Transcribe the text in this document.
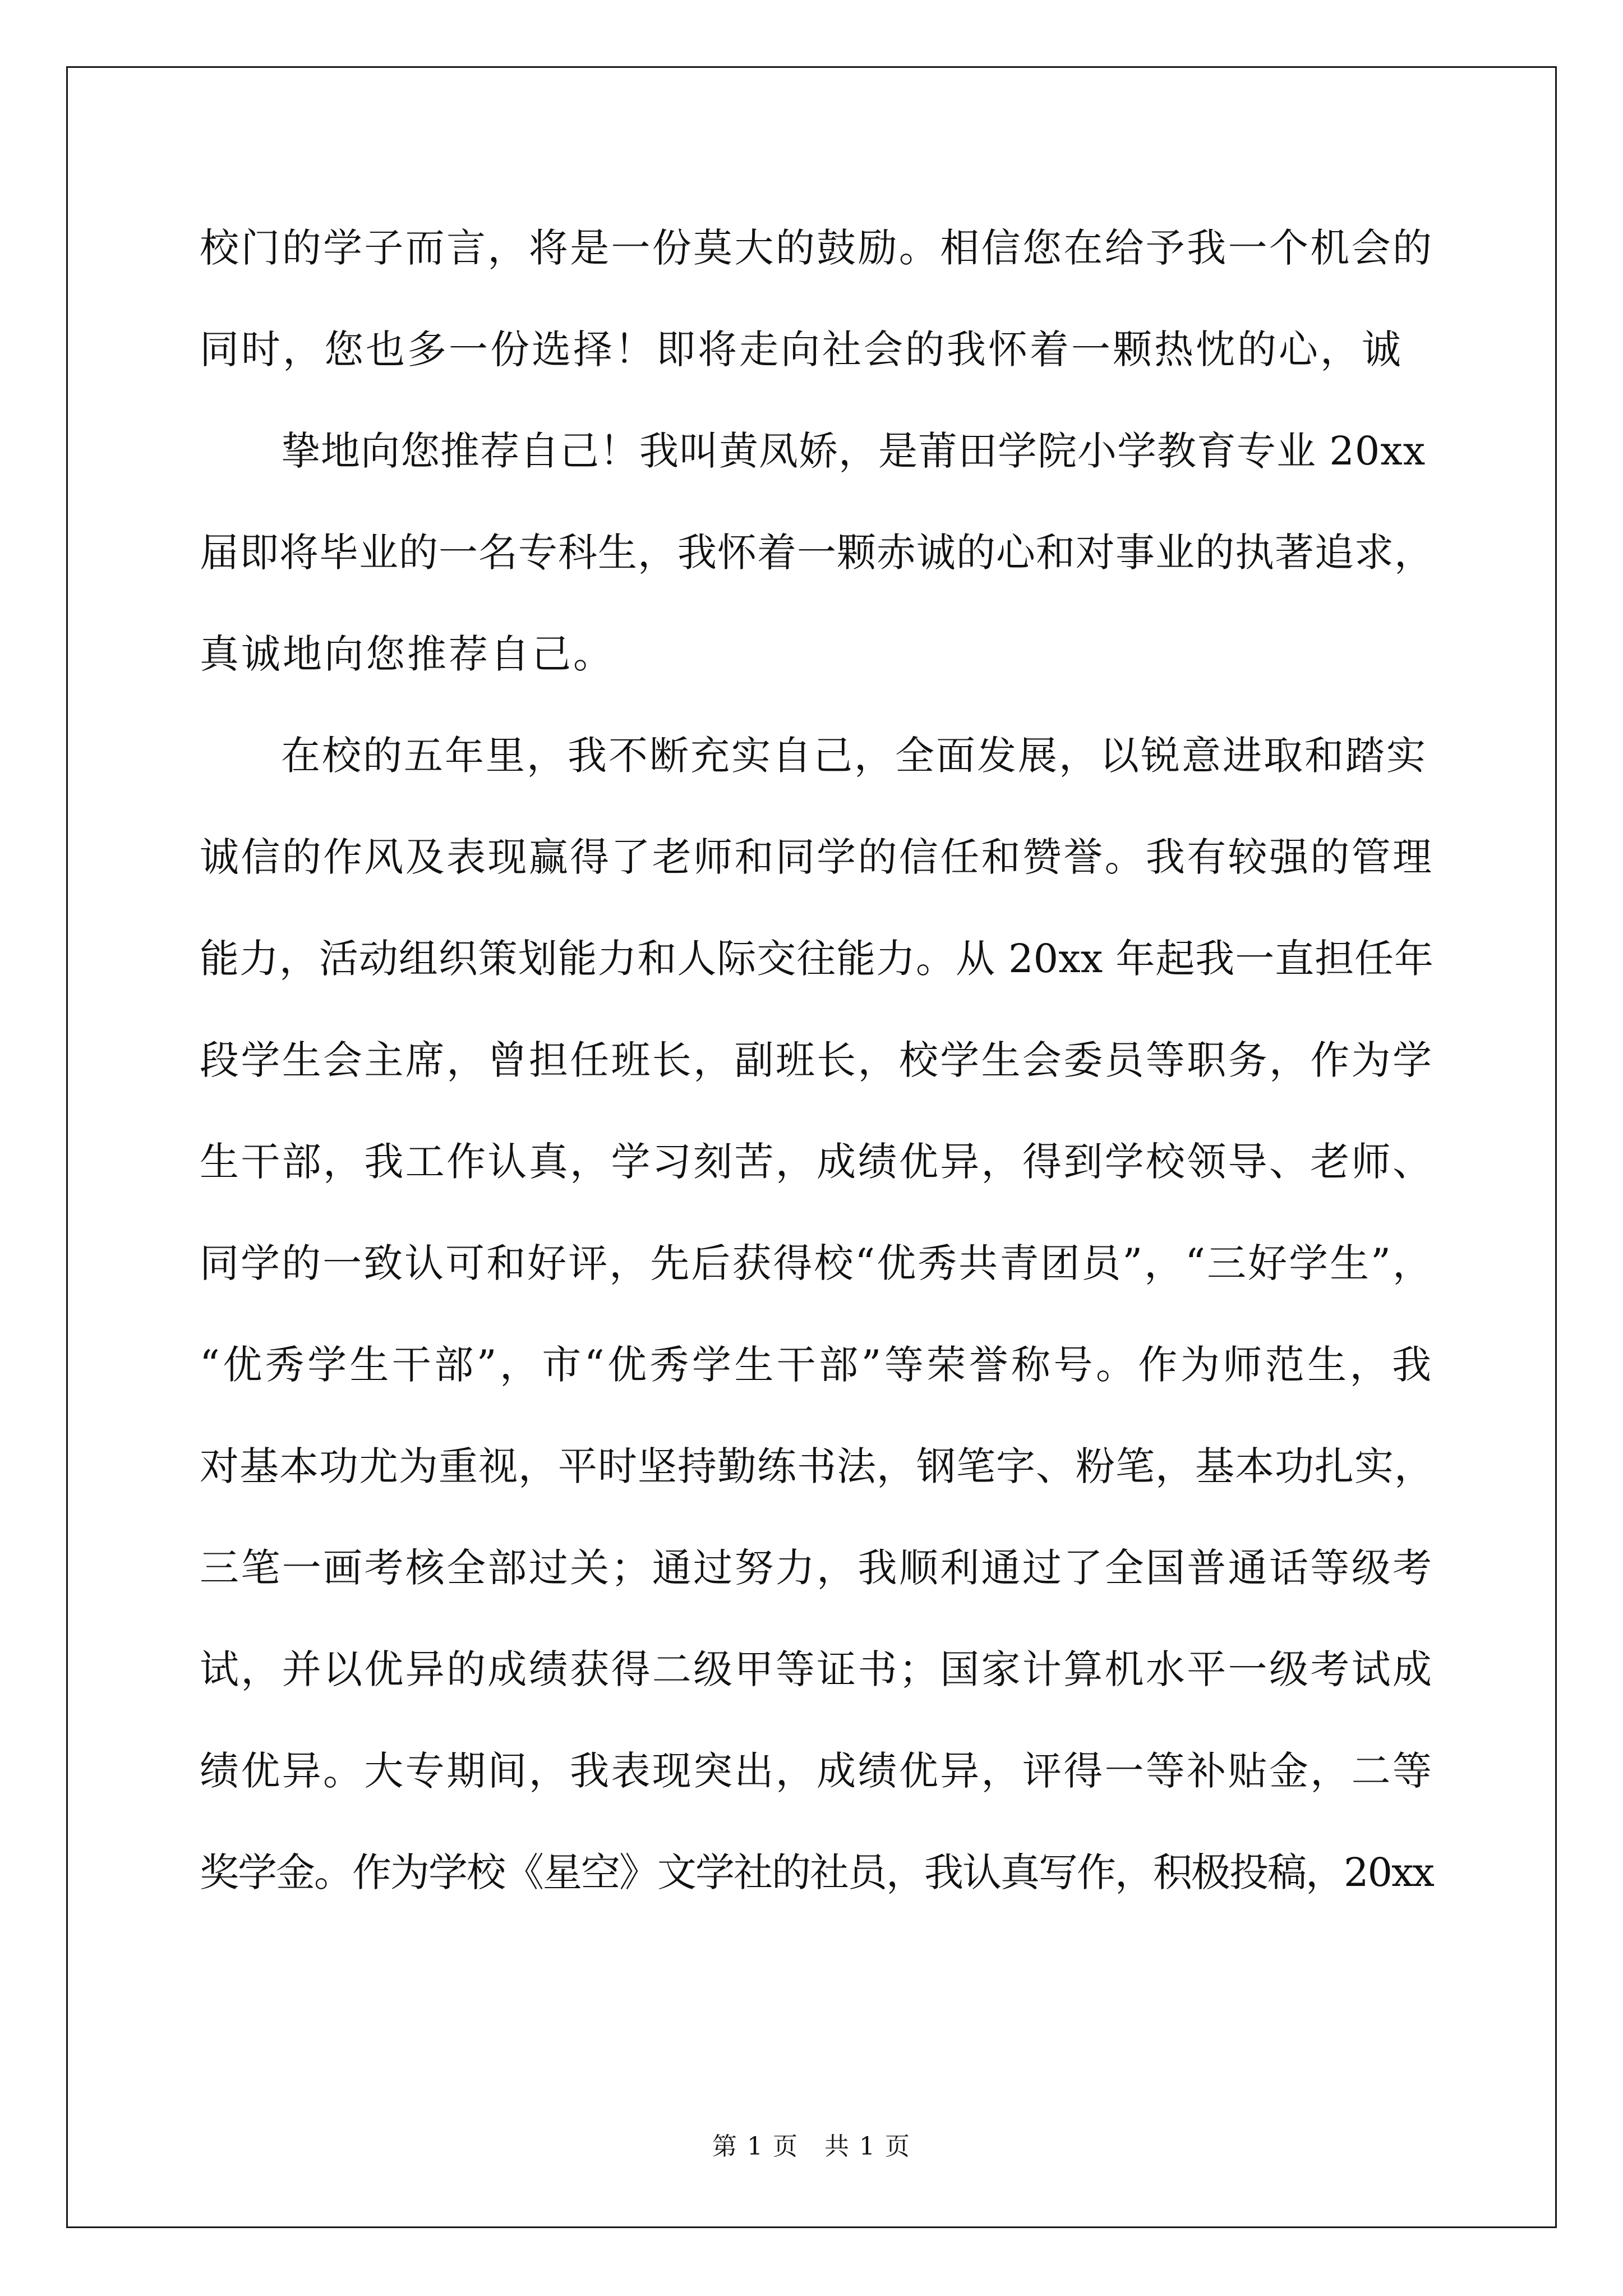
校门的学子而言，将是一份莫大的鼓励。相信您在给予我一个机会的
同时，您也多一份选择！即将走向社会的我怀着一颗热忱的心，诚
挚地向您推荐自己！我叫黄凤娇，是莆田学院小学教育专业 20xx
届即将毕业的一名专科生，我怀着一颗赤诚的心和对事业的执著追求，
真诚地向您推荐自己。
在校的五年里，我不断充实自己，全面发展，以锐意进取和踏实
诚信的作风及表现赢得了老师和同学的信任和赞誉。我有较强的管理
能力，活动组织策划能力和人际交往能力。从 20xx 年起我一直担任年
段学生会主席，曾担任班长，副班长，校学生会委员等职务，作为学
生干部，我工作认真，学习刻苦，成绩优异，得到学校领导、老师、
同学的一致认可和好评，先后获得校“优秀共青团员”，“三好学生”，
“优秀学生干部”，市“优秀学生干部”等荣誉称号。作为师范生，我
对基本功尤为重视，平时坚持勤练书法，钢笔字、粉笔，基本功扎实，
三笔一画考核全部过关；通过努力，我顺利通过了全国普通话等级考
试，并以优异的成绩获得二级甲等证书；国家计算机水平一级考试成
绩优异。大专期间，我表现突出，成绩优异，评得一等补贴金，二等
奖学金。作为学校《星空》文学社的社员，我认真写作，积极投稿，20xx
第 1 页　共 1 页
